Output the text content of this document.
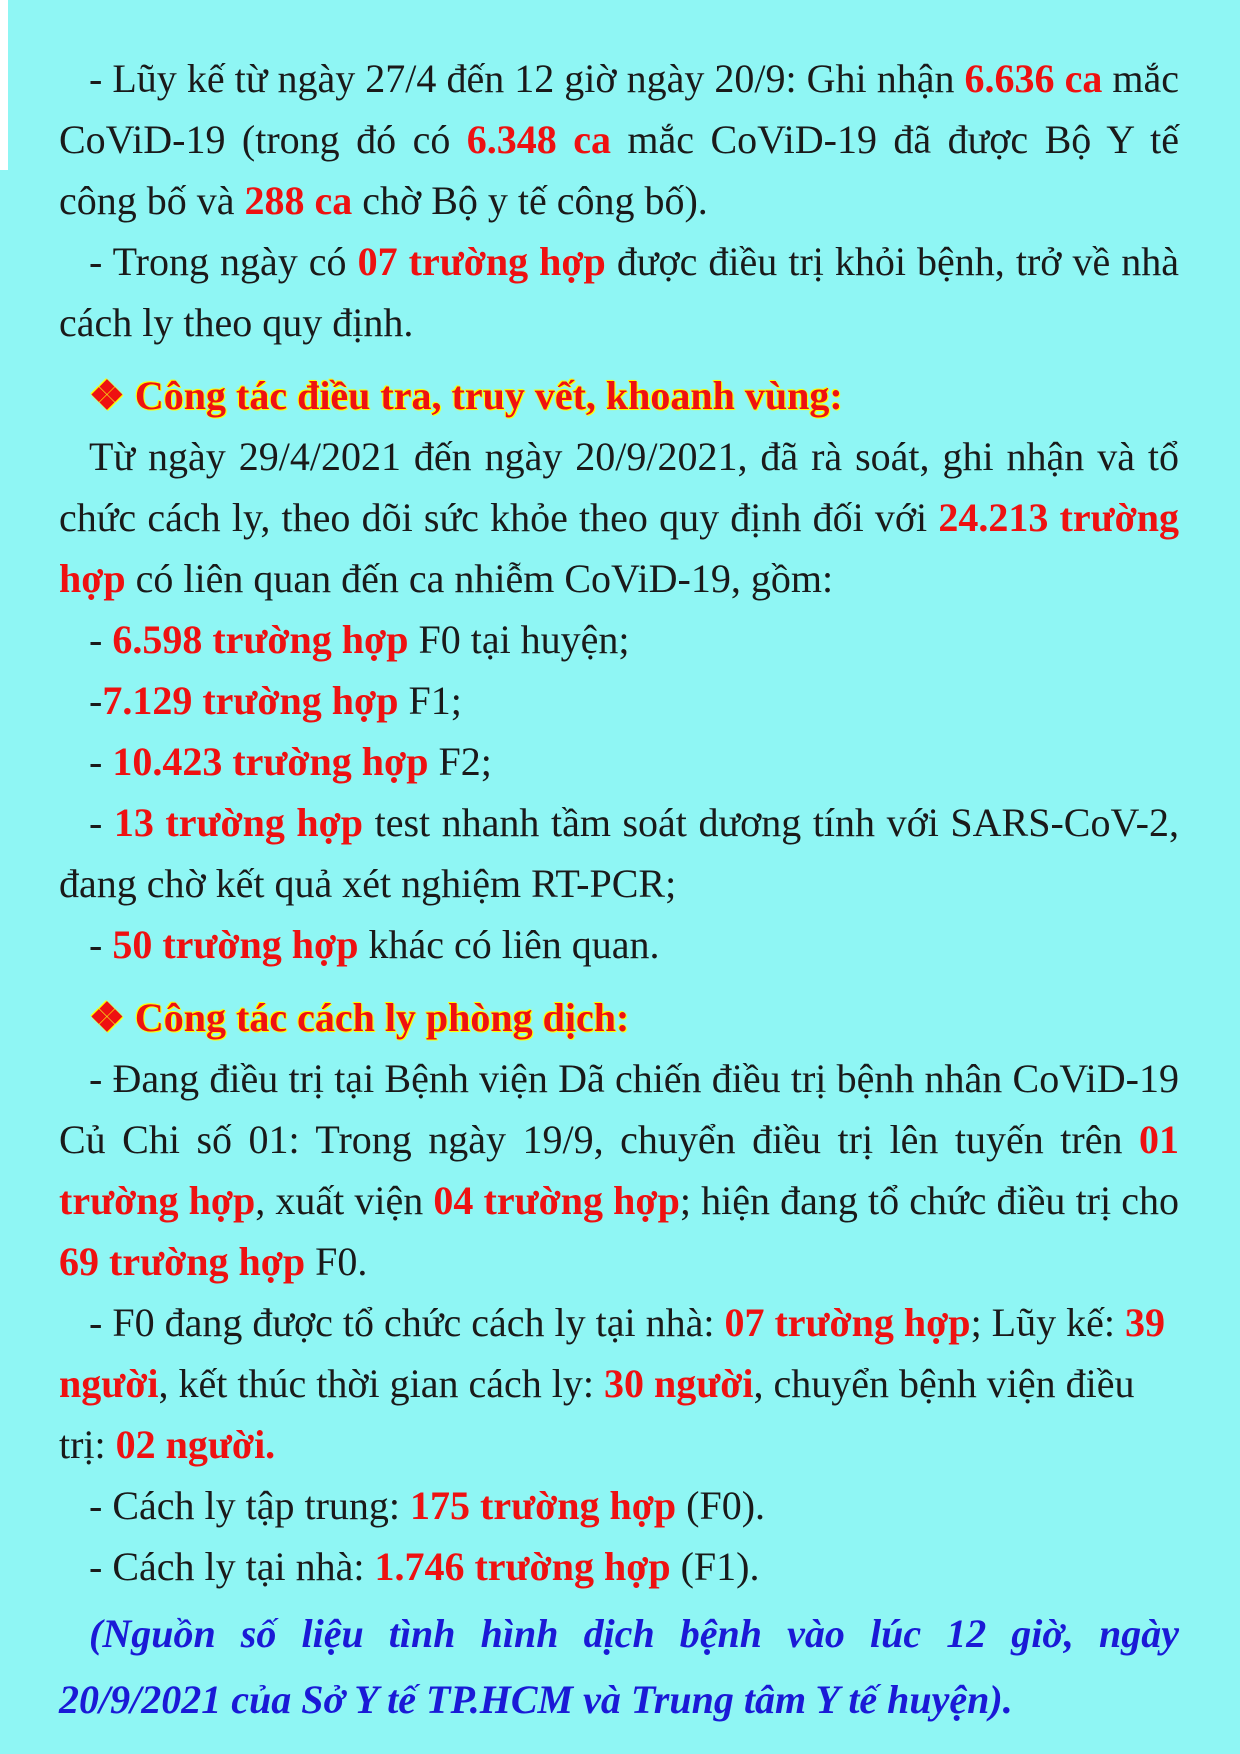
- Lũy kế từ ngày 27/4 đến 12 giờ ngày 20/9: Ghi nhận 6.636 ca mắc CoViD-19 (trong đó có 6.348 ca mắc CoViD-19 đã được Bộ Y tế công bố và 288 ca chờ Bộ y tế công bố).

- Trong ngày có 07 trường hợp được điều trị khỏi bệnh, trở về nhà cách ly theo quy định.

❖ Công tác điều tra, truy vết, khoanh vùng:

Từ ngày 29/4/2021 đến ngày 20/9/2021, đã rà soát, ghi nhận và tổ chức cách ly, theo dõi sức khỏe theo quy định đối với 24.213 trường hợp có liên quan đến ca nhiễm CoViD-19, gồm:

- 6.598 trường hợp F0 tại huyện;

-7.129 trường hợp F1;

- 10.423 trường hợp F2;

- 13 trường hợp test nhanh tầm soát dương tính với SARS-CoV-2, đang chờ kết quả xét nghiệm RT-PCR;

- 50 trường hợp khác có liên quan.

❖ Công tác cách ly phòng dịch:

- Đang điều trị tại Bệnh viện Dã chiến điều trị bệnh nhân CoViD-19 Củ Chi số 01: Trong ngày 19/9, chuyển điều trị lên tuyến trên 01 trường hợp, xuất viện 04 trường hợp; hiện đang tổ chức điều trị cho 69 trường hợp F0.

- F0 đang được tổ chức cách ly tại nhà: 07 trường hợp; Lũy kế: 39 người, kết thúc thời gian cách ly: 30 người, chuyển bệnh viện điều trị: 02 người.

- Cách ly tập trung: 175 trường hợp (F0).

- Cách ly tại nhà: 1.746 trường hợp (F1).

(Nguồn số liệu tình hình dịch bệnh vào lúc 12 giờ, ngày 20/9/2021 của Sở Y tế TP.HCM và Trung tâm Y tế huyện).
